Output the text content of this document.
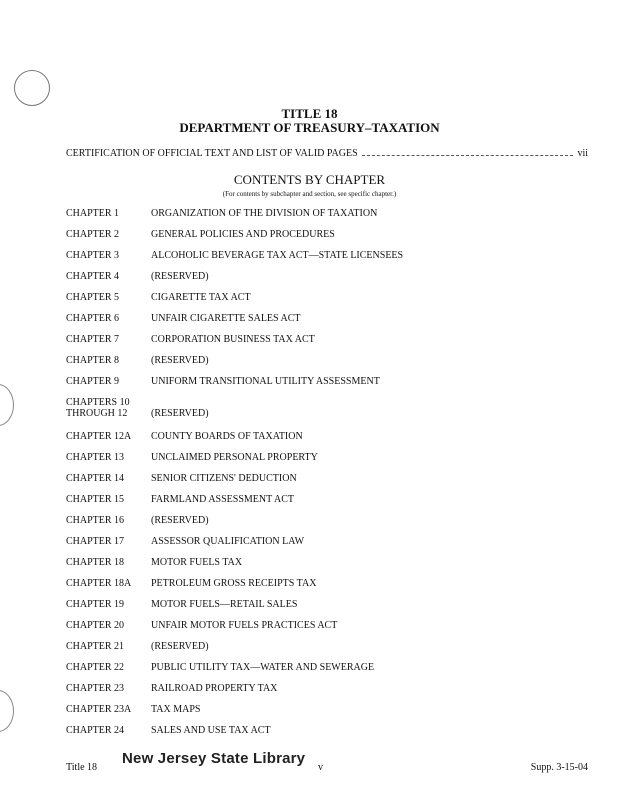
TITLE 18
DEPARTMENT OF TREASURY–TAXATION
CERTIFICATION OF OFFICIAL TEXT AND LIST OF VALID PAGES	vii
CONTENTS BY CHAPTER
(For contents by subchapter and section, see specific chapter.)
CHAPTER 1	ORGANIZATION OF THE DIVISION OF TAXATION
CHAPTER 2	GENERAL POLICIES AND PROCEDURES
CHAPTER 3	ALCOHOLIC BEVERAGE TAX ACT—STATE LICENSEES
CHAPTER 4	(RESERVED)
CHAPTER 5	CIGARETTE TAX ACT
CHAPTER 6	UNFAIR CIGARETTE SALES ACT
CHAPTER 7	CORPORATION BUSINESS TAX ACT
CHAPTER 8	(RESERVED)
CHAPTER 9	UNIFORM TRANSITIONAL UTILITY ASSESSMENT
CHAPTERS 10
THROUGH 12	(RESERVED)
CHAPTER 12A	COUNTY BOARDS OF TAXATION
CHAPTER 13	UNCLAIMED PERSONAL PROPERTY
CHAPTER 14	SENIOR CITIZENS' DEDUCTION
CHAPTER 15	FARMLAND ASSESSMENT ACT
CHAPTER 16	(RESERVED)
CHAPTER 17	ASSESSOR QUALIFICATION LAW
CHAPTER 18	MOTOR FUELS TAX
CHAPTER 18A	PETROLEUM GROSS RECEIPTS TAX
CHAPTER 19	MOTOR FUELS—RETAIL SALES
CHAPTER 20	UNFAIR MOTOR FUELS PRACTICES ACT
CHAPTER 21	(RESERVED)
CHAPTER 22	PUBLIC UTILITY TAX—WATER AND SEWERAGE
CHAPTER 23	RAILROAD PROPERTY TAX
CHAPTER 23A	TAX MAPS
CHAPTER 24	SALES AND USE TAX ACT
Title 18
New Jersey State Library
v	Supp. 3-15-04
